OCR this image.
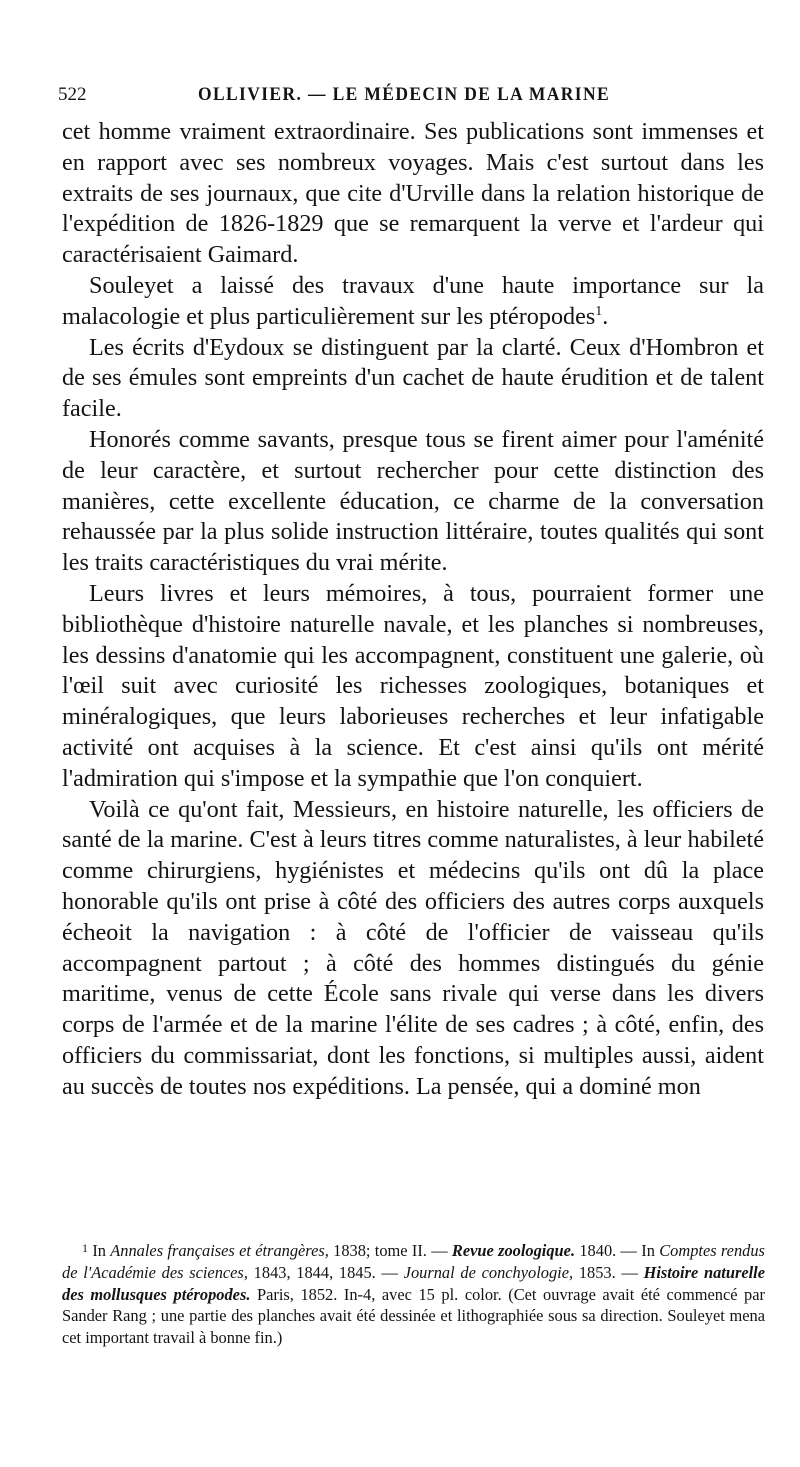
522	OLLIVIER. — LE MÉDECIN DE LA MARINE

cet homme vraiment extraordinaire. Ses publications sont immenses et en rapport avec ses nombreux voyages. Mais c'est surtout dans les extraits de ses journaux, que cite d'Urville dans la relation historique de l'expédition de 1826-1829 que se remarquent la verve et l'ardeur qui caractérisaient Gaimard.

Souleyet a laissé des travaux d'une haute importance sur la malacologie et plus particulièrement sur les ptéropodes$^1$.

Les écrits d'Eydoux se distinguent par la clarté. Ceux d'Hombron et de ses émules sont empreints d'un cachet de haute érudition et de talent facile.

Honorés comme savants, presque tous se firent aimer pour l'aménité de leur caractère, et surtout rechercher pour cette distinction des manières, cette excellente éducation, ce charme de la conversation rehaussée par la plus solide instruction littéraire, toutes qualités qui sont les traits caractéristiques du vrai mérite.

Leurs livres et leurs mémoires, à tous, pourraient former une bibliothèque d'histoire naturelle navale, et les planches si nombreuses, les dessins d'anatomie qui les accompagnent, constituent une galerie, où l'œil suit avec curiosité les richesses zoologiques, botaniques et minéralogiques, que leurs laborieuses recherches et leur infatigable activité ont acquises à la science. Et c'est ainsi qu'ils ont mérité l'admiration qui s'impose et la sympathie que l'on conquiert.

Voilà ce qu'ont fait, Messieurs, en histoire naturelle, les officiers de santé de la marine. C'est à leurs titres comme naturalistes, à leur habileté comme chirurgiens, hygiénistes et médecins qu'ils ont dû la place honorable qu'ils ont prise à côté des officiers des autres corps auxquels écheoit la navigation : à côté de l'officier de vaisseau qu'ils accompagnent partout ; à côté des hommes distingués du génie maritime, venus de cette École sans rivale qui verse dans les divers corps de l'armée et de la marine l'élite de ses cadres ; à côté, enfin, des officiers du commissariat, dont les fonctions, si multiples aussi, aident au succès de toutes nos expéditions. La pensée, qui a dominé mon

$^1$ In Annales françaises et étrangères, 1838; tome II. — Revue zoologique. 1840. — In Comptes rendus de l'Académie des sciences, 1843, 1844, 1845. — Journal de conchyologie, 1853. — Histoire naturelle des mollusques ptéropodes. Paris, 1852. In-4, avec 15 pl. color. (Cet ouvrage avait été commencé par Sander Rang ; une partie des planches avait été dessinée et lithographiée sous sa direction. Souleyet mena cet important travail à bonne fin.)
